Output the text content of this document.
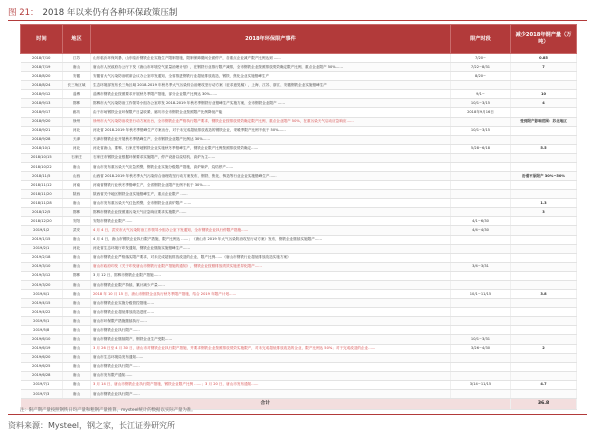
图 21： 2018 年以来仍有各种环保政策压制
时间	地区	2018年环保限产事件	限产时段	减少2018年钢产量（万吨）
2018/7/10	江苏	山东临沂环保风暴，山东临沂钢铁企业实施生产限制措施，限制保障期间全面停产，各重点企业减产限产比例达到 ......	7/20~	0.85
2018/7/19	唐山	唐山市人民政府办公厅下发《唐山市环境空气质量治理计划》，在钢铁行业推行限产减排，全市钢铁企业按照排放绩效确定限产比例，重点企业限产 50%……	7/22~8/31	7
2018/8/20	安徽	安徽省大气污染防治联席会议办公室印发通知，全省推进钢铁行业超低排放改造，钢铁、焦化企业实施错峰生产	8/20~	
2018/8/24	长三角区域	生态环境部发布长三角区域 2018-2019 年秋冬季大气污染综合治理攻坚行动方案（征求意见稿），上海、江苏、浙江、安徽钢铁企业实施错峰生产		
2018/9/12	淄博	淄博市钢铁企业按照要求开展秋冬季限产措施，部分企业限产比例达 30%……	9/1~	10
2018/9/13	邯郸	邯郸市大气污染防治工作领导小组办公室印发 2018-2019 年秋冬季钢铁行业错峰生产实施方案，全市钢铁企业限产 ……	10/1~3/15	4
2018/9/17	廊坊	由于市场钢铁企业环保限产日益收紧，廊坊市全市钢铁企业按照限产比例降低产能	2018年9月16日	
2018/9/20	徐州	徐州市大气污染防治攻坚行动方案出台，全市钢铁企业严格执行限产要求，钢铁企业按排放绩效确定限产比例，重点企业限产 50%，在重污染天气启动应急响应……		受到限产影响范围：苏北地区
2018/9/21	河北	河北省 2018-2019 年秋冬季错峰生产方案出台，对于未完成超低排放改造的钢铁企业，采暖季限产比例不低于 50%……	10/1~3/15	
2018/9/28	天津	天津市钢铁企业开展秋冬季错峰生产，全市钢铁企业限产比例达 30%……		
2018/10/1	河北	河北省唐山、邯郸、石家庄等地钢铁企业实施秋冬季错峰生产，钢铁企业限产比例按照排放绩效确定……	5/28~6/18	5.5
2018/10/15	石家庄	石家庄市钢铁企业根据环保要求实施限产，停产设备以烧结机、高炉为主……		
2018/10/22	唐山	唐山市发布重污染天气应急预警，钢铁企业实施分级限产措施，高炉焖炉、烧结停产……		
2018/11/5	山西	山西省 2018-2019 年秋冬季大气污染综合治理攻坚行动方案发布，钢铁、焦化、铸造等行业企业实施错峰生产……		汾渭平原限产 30%~50%
2018/11/12	河南	河南省钢铁行业秋冬季错峰生产，全省钢铁企业限产比例不低于 30%……		
2018/11/20	陕西	陕西省关中地区钢铁企业实施错峰生产，重点企业限产 ……		
2018/11/28	唐山	唐山市发布重污染天气红色预警，全市钢铁企业高炉限产 ……		1.3
2018/12/5	邯郸	邯郸市钢铁企业按照重污染天气应急响应要求实施限产……		3
2018/12/20	安阳	安阳市钢铁企业限产……	4/1~6/30	
2019/1/2	武安	4 月 4 日，武安市大气污染防治工作领导小组办公室下发通知，全市钢铁企业执行停限产措施……	4/4~4/30	
2019/1/15	唐山	4 月 4 日，唐山市钢铁企业执行限产措施，限产比例达 ……；《唐山市 2019 年大气污染防治攻坚行动方案》发布，钢铁企业继续实施限产……		
2019/2/1	河北	河北省生态环境厅印发通知，钢铁企业继续实施错峰生产……		
2019/2/18	唐山	唐山市钢铁企业严格落实限产要求，对未完成超低排放改造的企业，限产比例……《唐山市钢铁行业超低排放改造实施方案》		
2019/3/10	唐山	唐山市政府印发《关于印发唐山市钢铁行业限产措施的通知》，钢铁企业按照排放绩效实施差异化限产……	3/4~3/31	
2019/3/12	邯郸	3 月 12 日，邯郸市钢铁企业限产措施……		
2019/3/20	唐山	唐山市钢铁企业限产持续，累计减少产量……		
2019/4/1	唐山	2018 年 10 月 15 日，唐山市钢铁企业执行秋冬季限产措施，结合 2019 年限产计划……	10/1~11/15	3.8
2019/4/15	唐山	唐山市钢铁企业实施分级管控措施……		
2019/4/22	唐山	唐山市钢铁企业超低排放改造进度……		
2019/5/1	唐山	唐山市环保限产措施继续执行……		
2019/5/8	唐山	唐山市钢铁企业执行限产……		
2019/6/10	唐山	唐山市钢铁企业继续限产，钢铁企业生产受限……	10/1~3/31	
2019/6/19	唐山	3 月 26 日至 4 月 30 日，唐山市对钢铁企业执行限产措施，并要求钢铁企业按照排放绩效实施限产，对未完成超低排放改造的企业，限产比例达 50%；对于完成改造的企业……	3/26~4/30	2
2019/6/20	唐山	唐山市生态环境局发布通知……		
2019/6/25	唐山	唐山市钢铁企业执行限产……		
2019/6/28	唐山	唐山市发布限产通知……		
2019/7/1	唐山	3 月 14 日，唐山市钢铁企业执行限产措施，钢铁企业限产比例 ……；3 月 20 日，唐山市发布通知……	3/14~11/15	4.7
2019/7/3	唐山	唐山市钢铁企业执行限产……		
合计				36.8
注：限产期产量按照钢铁日均产量和粗钢产量推算，mysteel统计的数据以实际产量为准。
资料来源：Mysteel，钢之家，长江证券研究所
